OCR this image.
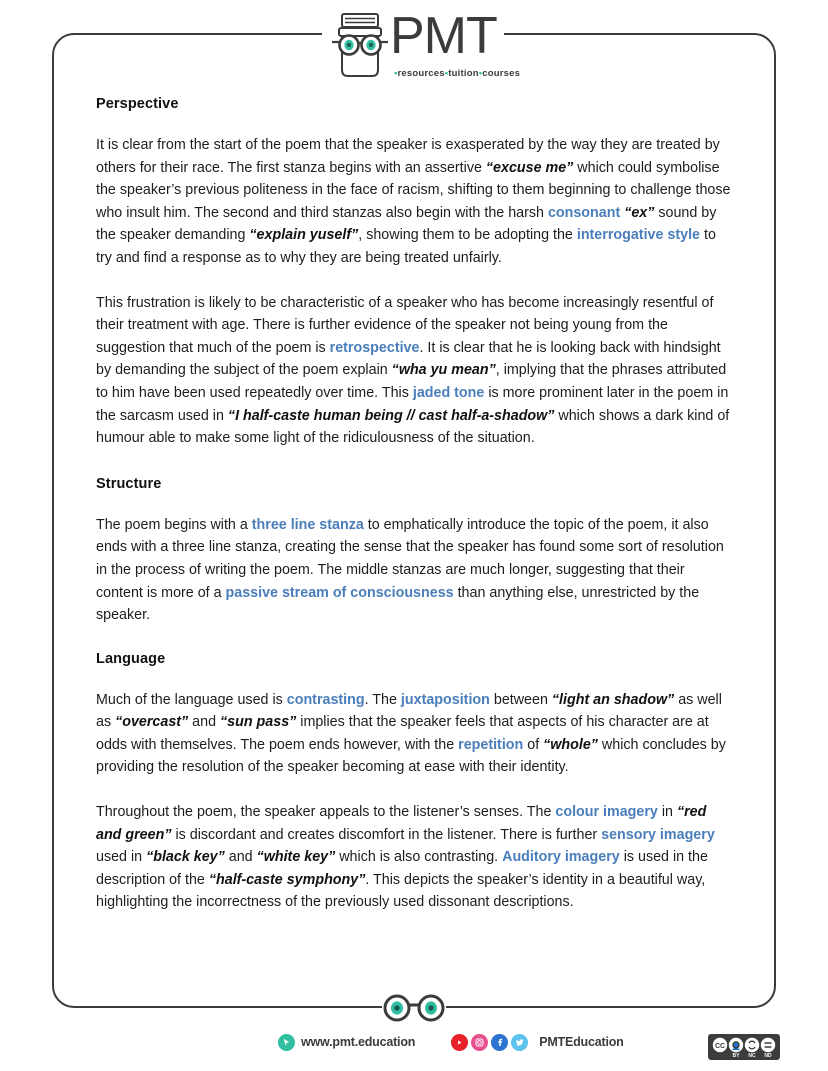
PMT
•resources•tuition•courses
Perspective

It is clear from the start of the poem that the speaker is exasperated by the way they are treated by others for their race. The first stanza begins with an assertive “excuse me” which could symbolise the speaker’s previous politeness in the face of racism, shifting to them beginning to challenge those who insult him. The second and third stanzas also begin with the harsh consonant “ex” sound by the speaker demanding “explain yuself”, showing them to be adopting the interrogative style to try and find a response as to why they are being treated unfairly.

This frustration is likely to be characteristic of a speaker who has become increasingly resentful of their treatment with age. There is further evidence of the speaker not being young from the suggestion that much of the poem is retrospective. It is clear that he is looking back with hindsight by demanding the subject of the poem explain “wha yu mean”, implying that the phrases attributed to him have been used repeatedly over time. This jaded tone is more prominent later in the poem in the sarcasm used in “I half-caste human being // cast half-a-shadow” which shows a dark kind of humour able to make some light of the ridiculousness of the situation.

Structure

The poem begins with a three line stanza to emphatically introduce the topic of the poem, it also ends with a three line stanza, creating the sense that the speaker has found some sort of resolution in the process of writing the poem. The middle stanzas are much longer, suggesting that their content is more of a passive stream of consciousness than anything else, unrestricted by the speaker.

Language

Much of the language used is contrasting. The juxtaposition between “light an shadow” as well as “overcast” and “sun pass” implies that the speaker feels that aspects of his character are at odds with themselves. The poem ends however, with the repetition of “whole” which concludes by providing the resolution of the speaker becoming at ease with their identity.

Throughout the poem, the speaker appeals to the listener’s senses. The colour imagery in “red and green” is discordant and creates discomfort in the listener. There is further sensory imagery used in “black key” and “white key” which is also contrasting. Auditory imagery is used in the description of the “half-caste symphony”. This depicts the speaker’s identity in a beautiful way, highlighting the incorrectness of the previously used dissonant descriptions.

www.pmt.education	PMTEducation	CC 👤
BY NC ND
